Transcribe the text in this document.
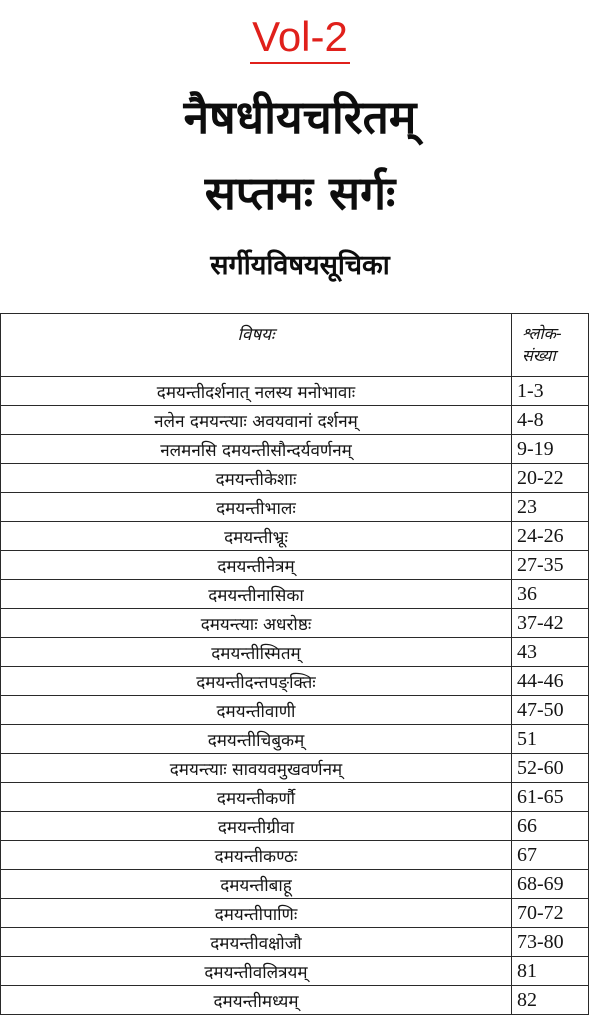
Vol-2
नैषधीयचरितम्
सप्तमः सर्गः
सर्गीयविषयसूचिका
विषयः	श्लोक-
संख्या

दमयन्तीदर्शनात् नलस्य मनोभावाः	1-3
नलेन दमयन्त्याः अवयवानां दर्शनम्	4-8
नलमनसि दमयन्तीसौन्दर्यवर्णनम्	9-19
दमयन्तीकेशाः	20-22
दमयन्तीभालः	23
दमयन्तीभ्रूः	24-26
दमयन्तीनेत्रम्	27-35
दमयन्तीनासिका	36
दमयन्त्याः अधरोष्ठः	37-42
दमयन्तीस्मितम्	43
दमयन्तीदन्तपङ्क्तिः	44-46
दमयन्तीवाणी	47-50
दमयन्तीचिबुकम्	51
दमयन्त्याः सावयवमुखवर्णनम्	52-60
दमयन्तीकर्णौ	61-65
दमयन्तीग्रीवा	66
दमयन्तीकण्ठः	67
दमयन्तीबाहू	68-69
दमयन्तीपाणिः	70-72
दमयन्तीवक्षोजौ	73-80
दमयन्तीवलित्रयम्	81
दमयन्तीमध्यम्	82
